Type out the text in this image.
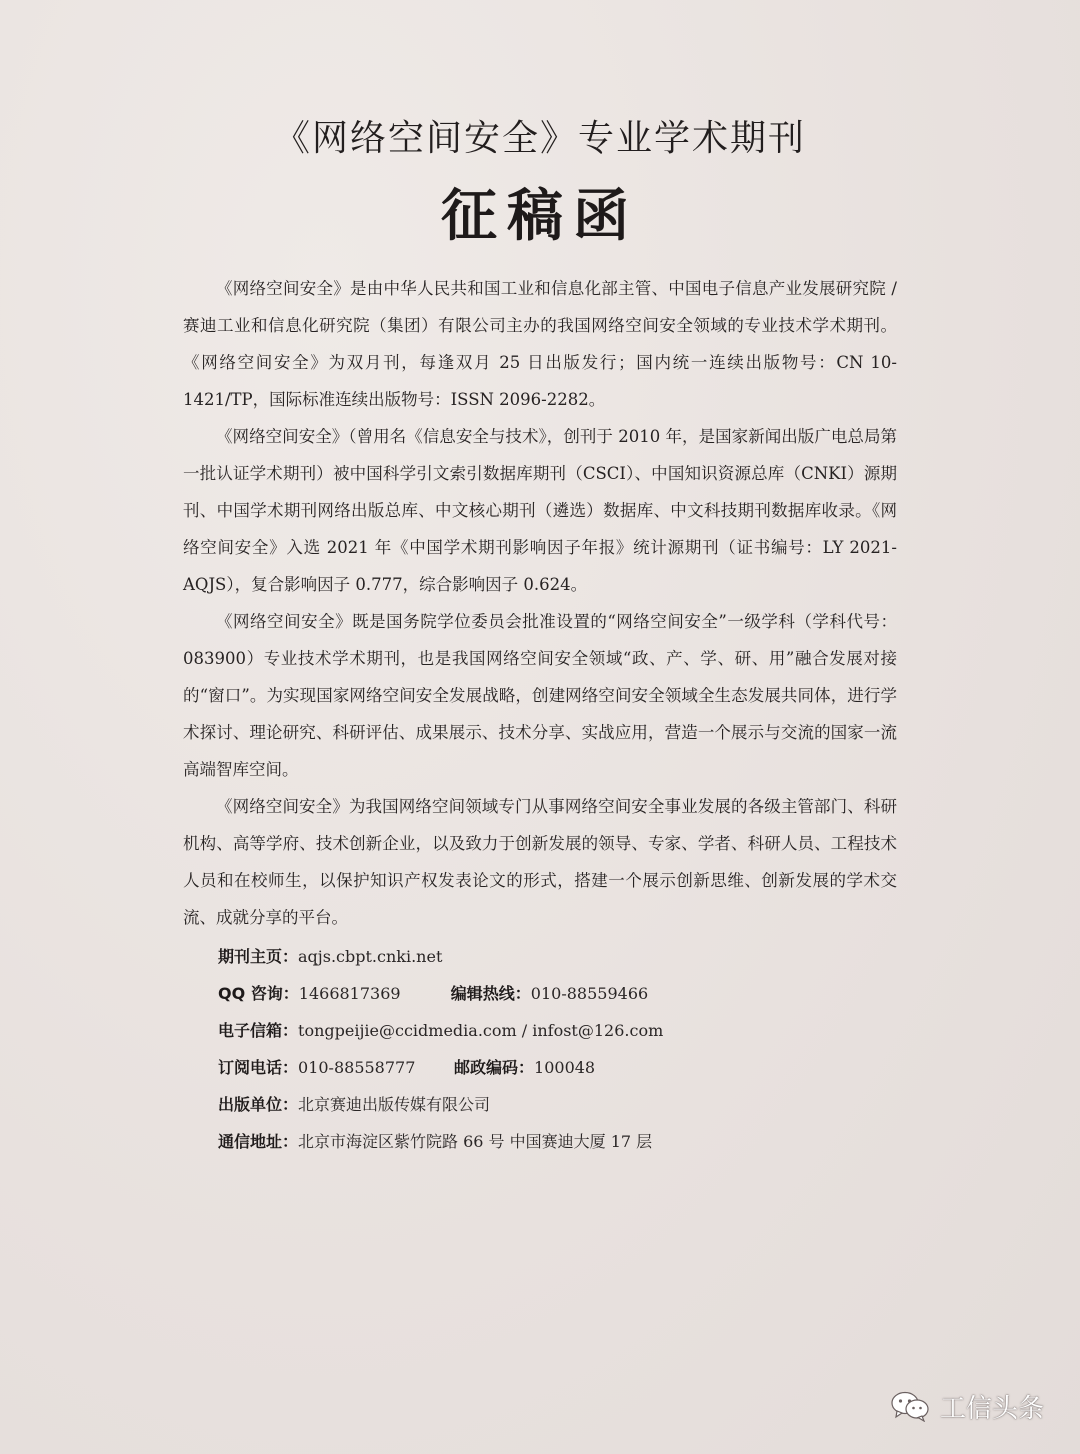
《网络空间安全》专业学术期刊
征稿函

《网络空间安全》是由中华人民共和国工业和信息化部主管、中国电子信息产业发展研究院 / 赛迪工业和信息化研究院（集团）有限公司主办的我国网络空间安全领域的专业技术学术期刊。《网络空间安全》为双月刊，每逢双月 25 日出版发行；国内统一连续出版物号：CN 10-1421/TP，国际标准连续出版物号：ISSN 2096-2282。

《网络空间安全》（曾用名《信息安全与技术》，创刊于 2010 年，是国家新闻出版广电总局第一批认证学术期刊）被中国科学引文索引数据库期刊（CSCI）、中国知识资源总库（CNKI）源期刊、中国学术期刊网络出版总库、中文核心期刊（遴选）数据库、中文科技期刊数据库收录。《网络空间安全》入选 2021 年《中国学术期刊影响因子年报》统计源期刊（证书编号：LY 2021-AQJS），复合影响因子 0.777，综合影响因子 0.624。

《网络空间安全》既是国务院学位委员会批准设置的“网络空间安全”一级学科（学科代号：083900）专业技术学术期刊，也是我国网络空间安全领域“政、产、学、研、用”融合发展对接的“窗口”。为实现国家网络空间安全发展战略，创建网络空间安全领域全生态发展共同体，进行学术探讨、理论研究、科研评估、成果展示、技术分享、实战应用，营造一个展示与交流的国家一流高端智库空间。

《网络空间安全》为我国网络空间领域专门从事网络空间安全事业发展的各级主管部门、科研机构、高等学府、技术创新企业，以及致力于创新发展的领导、专家、学者、科研人员、工程技术人员和在校师生，以保护知识产权发表论文的形式，搭建一个展示创新思维、创新发展的学术交流、成就分享的平台。

期刊主页：aqjs.cbpt.cnki.net
QQ 咨询：1466817369	编辑热线：010-88559466
电子信箱：tongpeijie@ccidmedia.com / infost@126.com
订阅电话：010-88558777 邮政编码：100048
出版单位：北京赛迪出版传媒有限公司
通信地址：北京市海淀区紫竹院路 66 号 中国赛迪大厦 17 层
工信头条
